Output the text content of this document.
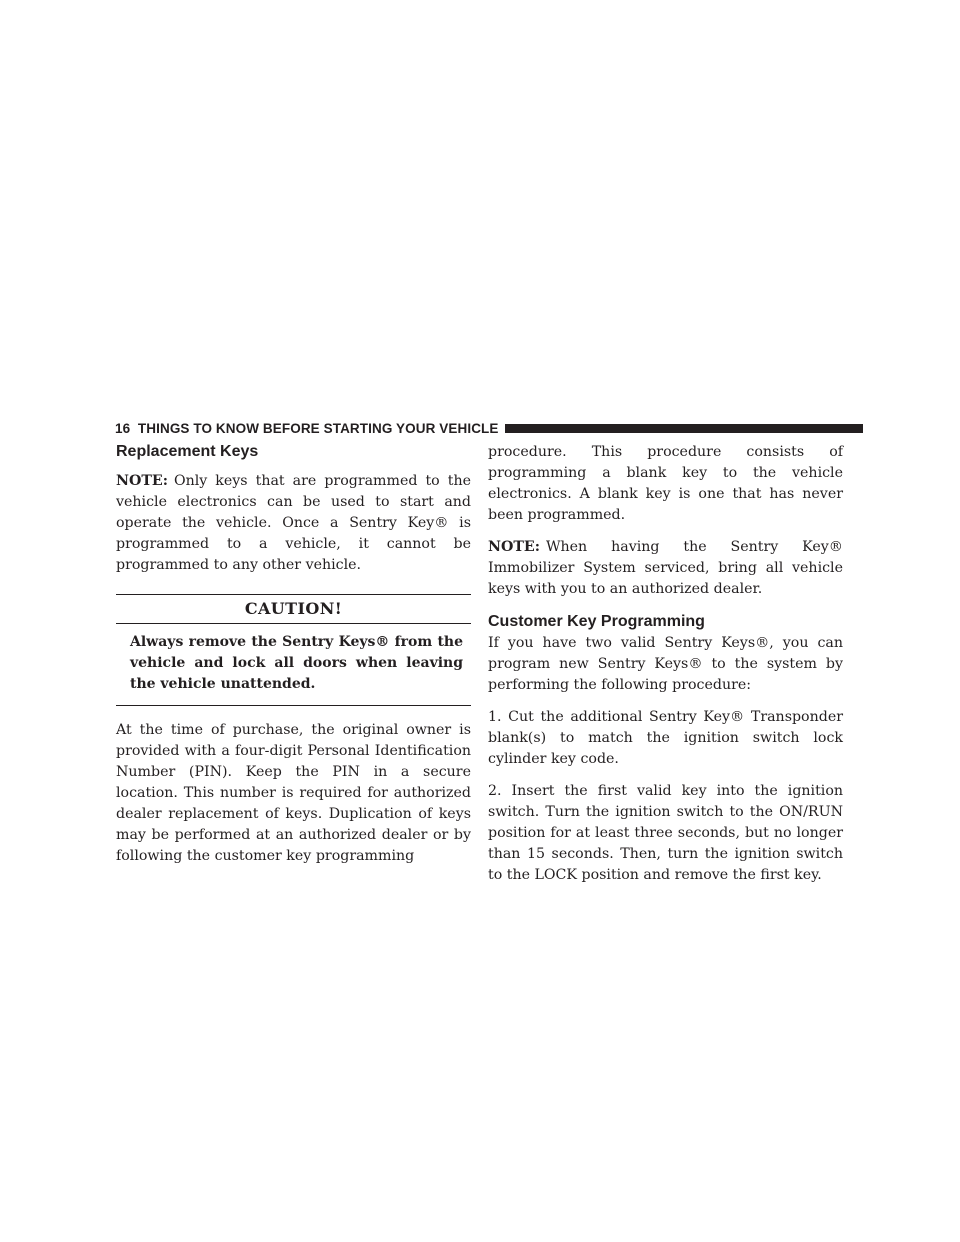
16 THINGS TO KNOW BEFORE STARTING YOUR VEHICLE
Replacement Keys

NOTE: Only keys that are programmed to the vehicle electronics can be used to start and operate the vehicle. Once a Sentry Key® is programmed to a vehicle, it cannot be programmed to any other vehicle.

CAUTION!
Always remove the Sentry Keys® from the vehicle and lock all doors when leaving the vehicle unattended.

At the time of purchase, the original owner is provided with a four-digit Personal Identification Number (PIN). Keep the PIN in a secure location. This number is required for authorized dealer replacement of keys. Duplication of keys may be performed at an authorized dealer or by following the customer key programming

procedure. This procedure consists of programming a blank key to the vehicle electronics. A blank key is one that has never been programmed.

NOTE: When having the Sentry Key® Immobilizer System serviced, bring all vehicle keys with you to an authorized dealer.

Customer Key Programming

If you have two valid Sentry Keys®, you can program new Sentry Keys® to the system by performing the following procedure:

1. Cut the additional Sentry Key® Transponder blank(s) to match the ignition switch lock cylinder key code.

2. Insert the first valid key into the ignition switch. Turn the ignition switch to the ON/RUN position for at least three seconds, but no longer than 15 seconds. Then, turn the ignition switch to the LOCK position and remove the first key.
